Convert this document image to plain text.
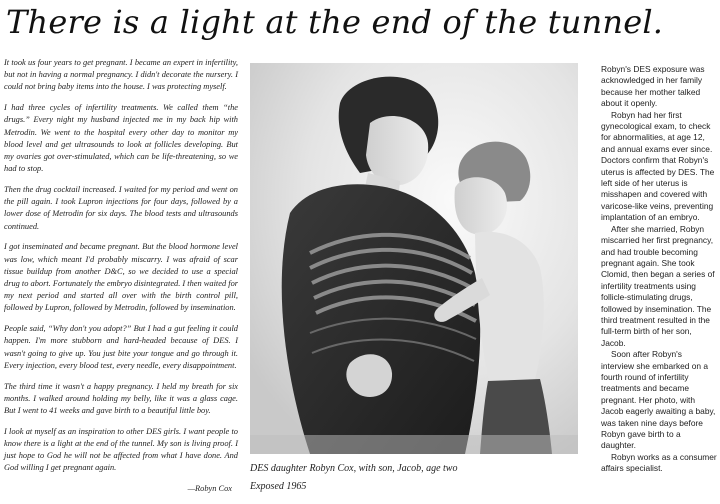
There is a light at the end of the tunnel.

It took us four years to get pregnant. I became an expert in infertility, but not in having a normal pregnancy. I didn't decorate the nursery. I could not bring baby items into the house. I was protecting myself.

I had three cycles of infertility treatments. We called them “the drugs.” Every night my husband injected me in my back hip with Metrodin. We went to the hospital every other day to monitor my blood level and get ultrasounds to look at follicles developing. But my ovaries got over-stimulated, which can be life-threatening, so we had to stop.

Then the drug cocktail increased. I waited for my period and went on the pill again. I took Lupron injections for four days, followed by a lower dose of Metrodin for six days. The blood tests and ultrasounds continued.

I got inseminated and became pregnant. But the blood hormone level was low, which meant I'd probably miscarry. I was afraid of scar tissue buildup from another D&C, so we decided to use a special drug to abort. Fortunately the embryo disintegrated. I then waited for my next period and started all over with the birth control pill, followed by Lupron, followed by Metrodin, followed by insemination.

People said, “Why don't you adopt?” But I had a gut feeling it could happen. I'm more stubborn and hard-headed because of DES. I wasn't going to give up. You just bite your tongue and go through it. Every injection, every blood test, every needle, every disappointment.

The third time it wasn't a happy pregnancy. I held my breath for six months. I walked around holding my belly, like it was a glass cage. But I went to 41 weeks and gave birth to a beautiful little boy.

I look at myself as an inspiration to other DES girls. I want people to know there is a light at the end of the tunnel. My son is living proof. I just hope to God he will not be affected from what I have done. And God willing I get pregnant again.

—Robyn Cox

DES daughter Robyn Cox, with son, Jacob, age two
Exposed 1965

Robyn's DES exposure was acknowledged in her family because her mother talked about it openly.

Robyn had her first gynecological exam, to check for abnormalities, at age 12, and annual exams ever since. Doctors confirm that Robyn's uterus is affected by DES. The left side of her uterus is misshapen and covered with varicose-like veins, preventing implantation of an embryo.

After she married, Robyn miscarried her first pregnancy, and had trouble becoming pregnant again. She took Clomid, then began a series of infertility treatments using follicle-stimulating drugs, followed by insemination. The third treatment resulted in the full-term birth of her son, Jacob.

Soon after Robyn's interview she embarked on a fourth round of infertility treatments and became pregnant. Her photo, with Jacob eagerly awaiting a baby, was taken nine days before Robyn gave birth to a daughter.

Robyn works as a consumer affairs specialist.
